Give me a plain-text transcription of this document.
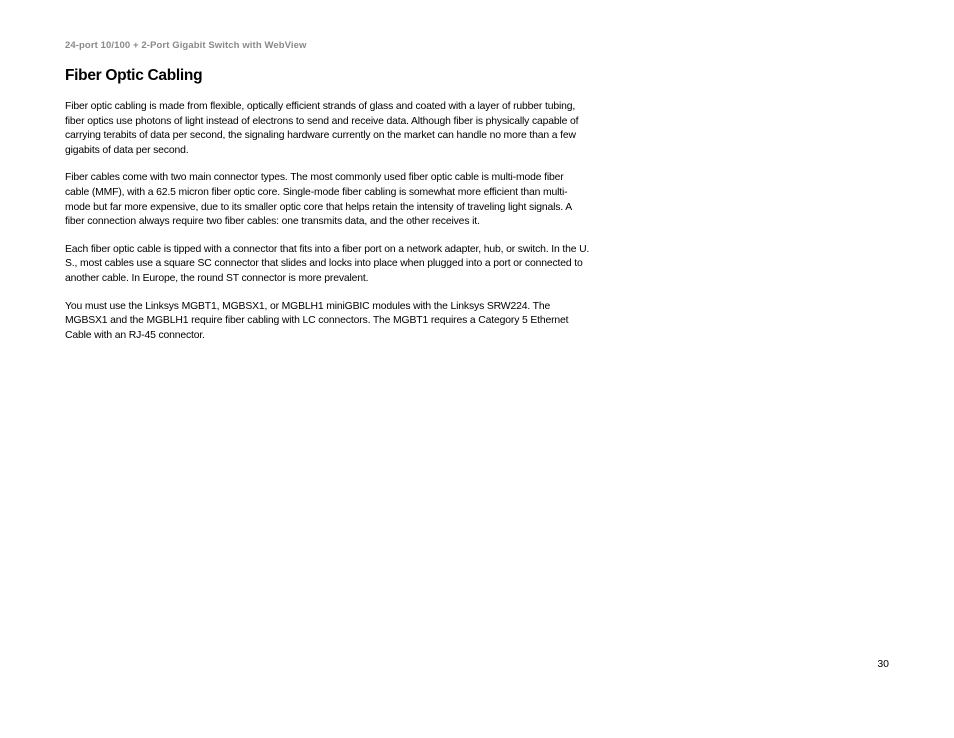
24-port 10/100 + 2-Port Gigabit Switch with WebView
Fiber Optic Cabling

Fiber optic cabling is made from flexible, optically efficient strands of glass and coated with a layer of rubber tubing, fiber optics use photons of light instead of electrons to send and receive data. Although fiber is physically capable of carrying terabits of data per second, the signaling hardware currently on the market can handle no more than a few gigabits of data per second.

Fiber cables come with two main connector types. The most commonly used fiber optic cable is multi-mode fiber cable (MMF), with a 62.5 micron fiber optic core. Single-mode fiber cabling is somewhat more efficient than multi-mode but far more expensive, due to its smaller optic core that helps retain the intensity of traveling light signals. A fiber connection always require two fiber cables: one transmits data, and the other receives it.

Each fiber optic cable is tipped with a connector that fits into a fiber port on a network adapter, hub, or switch. In the U. S., most cables use a square SC connector that slides and locks into place when plugged into a port or connected to another cable. In Europe, the round ST connector is more prevalent.

You must use the Linksys MGBT1, MGBSX1, or MGBLH1 miniGBIC modules with the Linksys SRW224. The MGBSX1 and the MGBLH1 require fiber cabling with LC connectors. The MGBT1 requires a Category 5 Ethernet Cable with an RJ-45 connector.

30
